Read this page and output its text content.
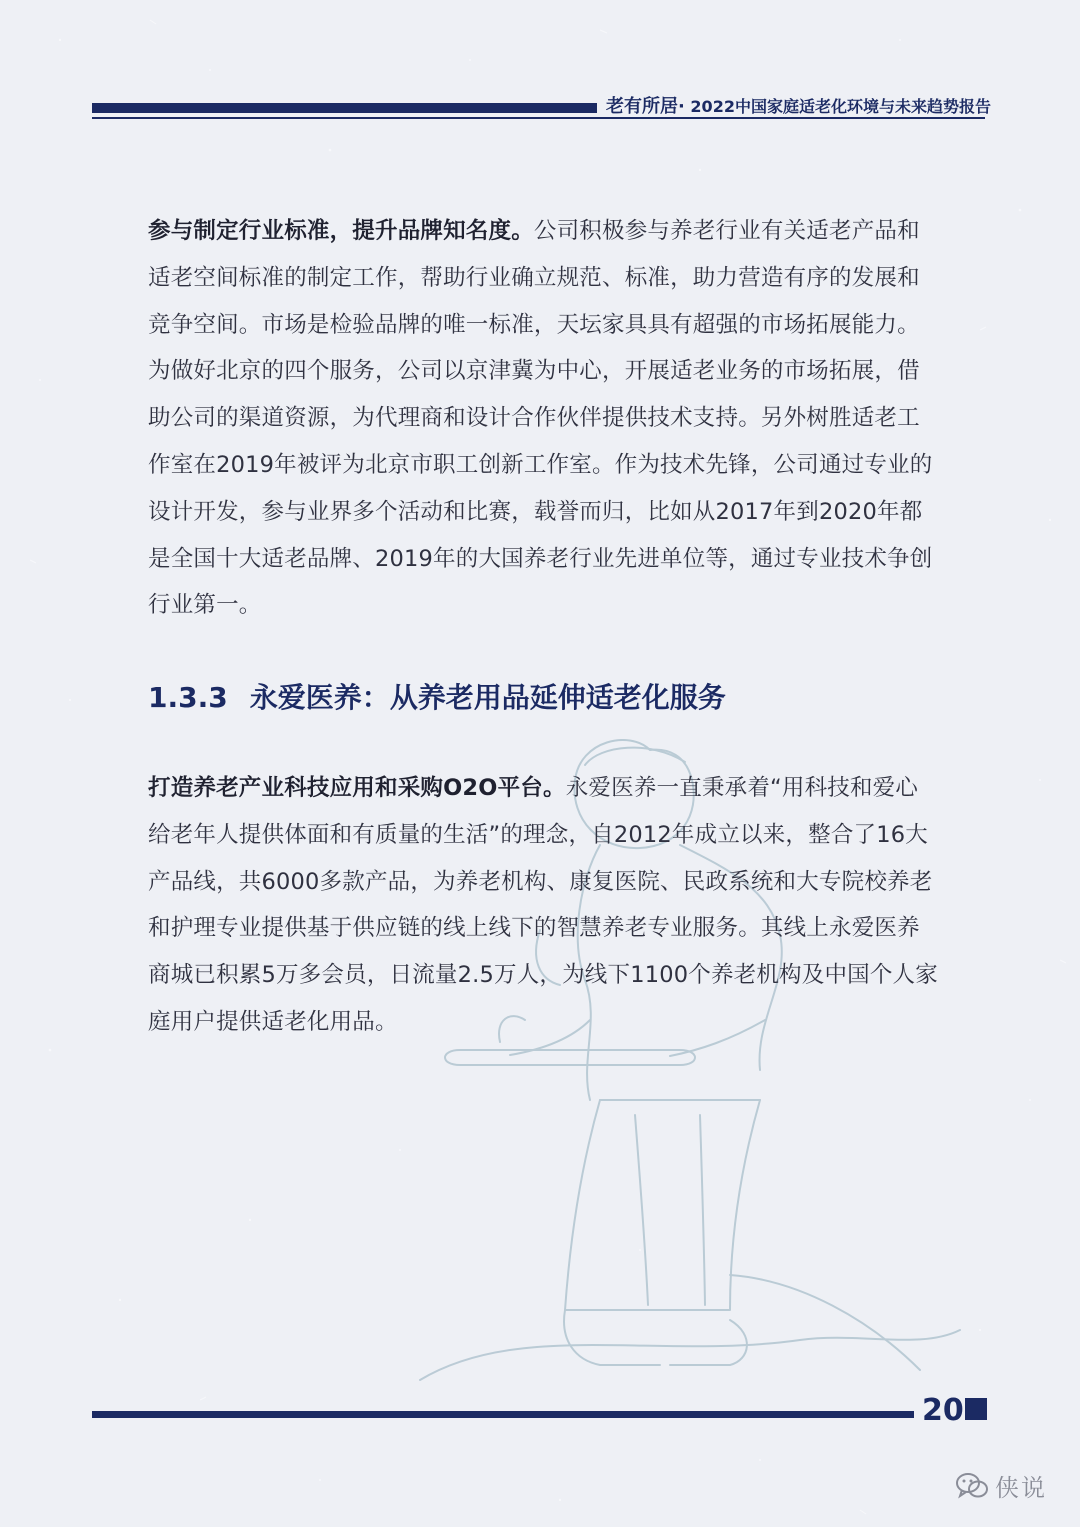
老有所居· 2022中国家庭适老化环境与未来趋势报告

参与制定行业标准，提升品牌知名度。公司积极参与养老行业有关适老产品和适老空间标准的制定工作，帮助行业确立规范、标准，助力营造有序的发展和竞争空间。市场是检验品牌的唯一标准，天坛家具具有超强的市场拓展能力。为做好北京的四个服务，公司以京津冀为中心，开展适老业务的市场拓展，借助公司的渠道资源，为代理商和设计合作伙伴提供技术支持。另外树胜适老工作室在2019年被评为北京市职工创新工作室。作为技术先锋，公司通过专业的设计开发，参与业界多个活动和比赛，载誉而归，比如从2017年到2020年都是全国十大适老品牌、2019年的大国养老行业先进单位等，通过专业技术争创行业第一。

1.3.3 永爱医养：从养老用品延伸适老化服务

打造养老产业科技应用和采购O2O平台。永爱医养一直秉承着“用科技和爱心给老年人提供体面和有质量的生活”的理念，自2012年成立以来，整合了16大产品线，共6000多款产品，为养老机构、康复医院、民政系统和大专院校养老和护理专业提供基于供应链的线上线下的智慧养老专业服务。其线上永爱医养商城已积累5万多会员，日流量2.5万人，为线下1100个养老机构及中国个人家庭用户提供适老化用品。

20
侠说
